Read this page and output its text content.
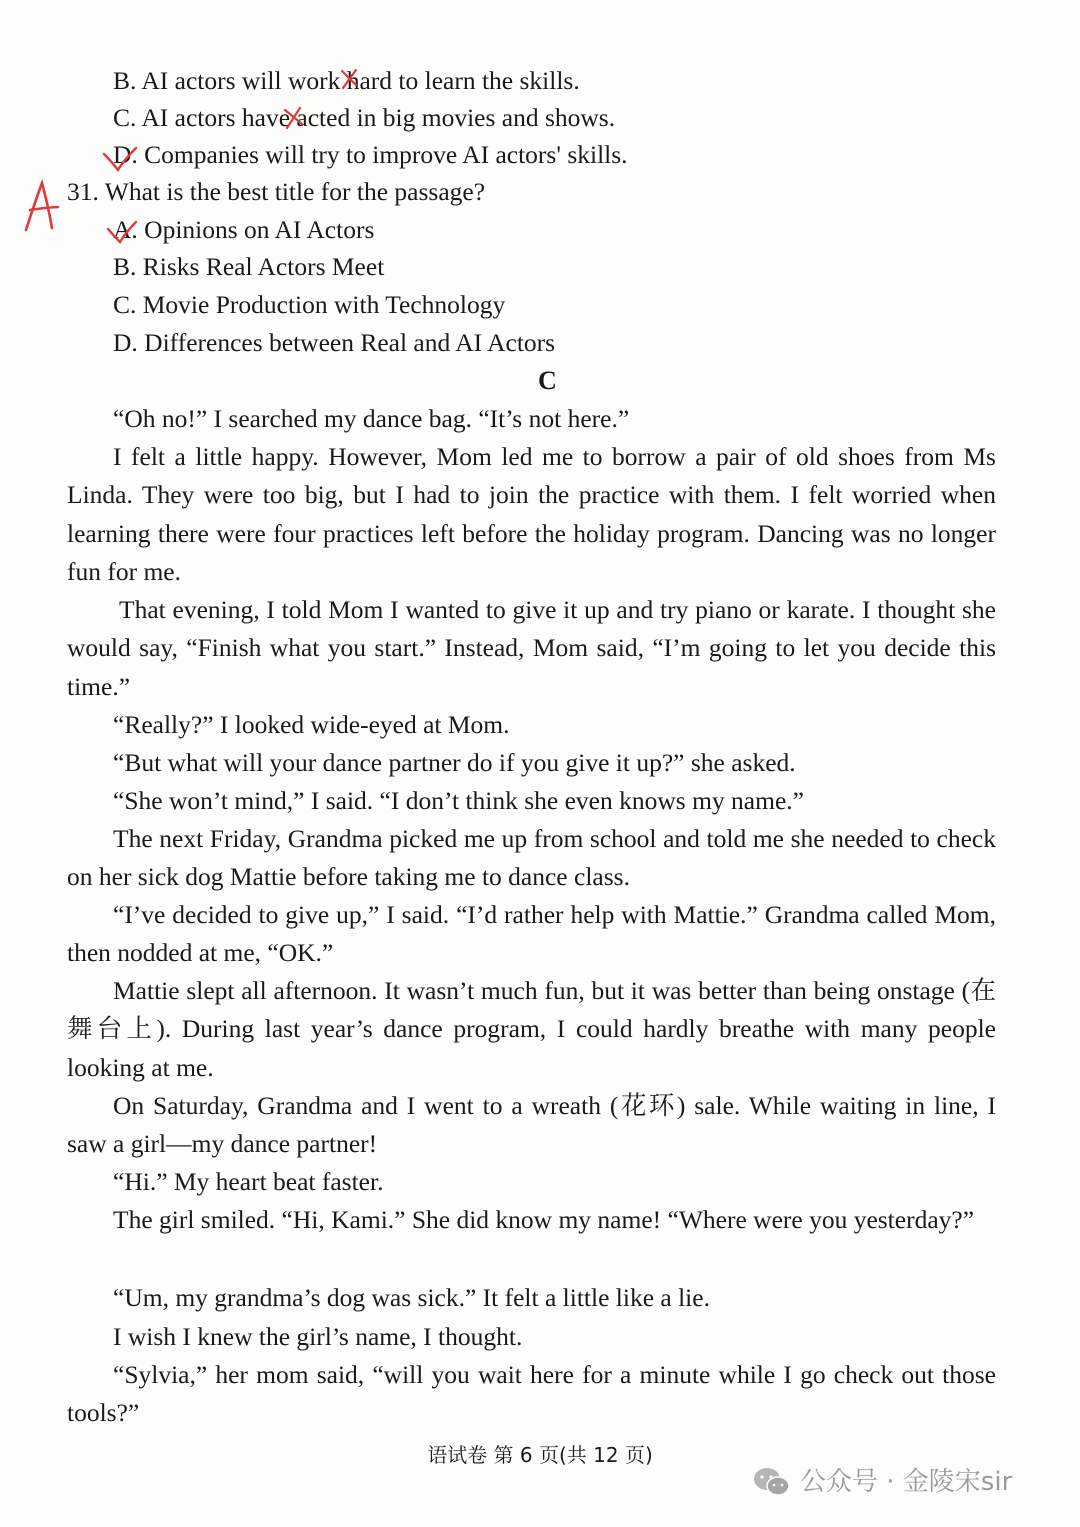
B. AI actors will work hard to learn the skills.
C. AI actors have acted in big movies and shows.
D. Companies will try to improve AI actors' skills.
31. What is the best title for the passage?
A. Opinions on AI Actors
B. Risks Real Actors Meet
C. Movie Production with Technology
D. Differences between Real and AI Actors
C
“Oh no!” I searched my dance bag. “It’s not here.”
I felt a little happy. However, Mom led me to borrow a pair of old shoes from Ms Linda. They were too big, but I had to join the practice with them. I felt worried when learning there were four practices left before the holiday program. Dancing was no longer fun for me.
That evening, I told Mom I wanted to give it up and try piano or karate. I thought she would say, “Finish what you start.” Instead, Mom said, “I’m going to let you decide this time.”
“Really?” I looked wide-eyed at Mom.
“But what will your dance partner do if you give it up?” she asked.
“She won’t mind,” I said. “I don’t think she even knows my name.”
The next Friday, Grandma picked me up from school and told me she needed to check on her sick dog Mattie before taking me to dance class.
“I’ve decided to give up,” I said. “I’d rather help with Mattie.” Grandma called Mom, then nodded at me, “OK.”
Mattie slept all afternoon. It wasn’t much fun, but it was better than being onstage (在舞台上). During last year’s dance program, I could hardly breathe with many people looking at me.
On Saturday, Grandma and I went to a wreath (花环) sale. While waiting in line, I saw a girl—my dance partner!
“Hi.” My heart beat faster.
The girl smiled. “Hi, Kami.” She did know my name! “Where were you yesterday?”
“Um, my grandma’s dog was sick.” It felt a little like a lie.
I wish I knew the girl’s name, I thought.
“Sylvia,” her mom said, “will you wait here for a minute while I go check out those tools?”
语试卷 第 6 页(共 12 页)
公众号 · 金陵宋sir
